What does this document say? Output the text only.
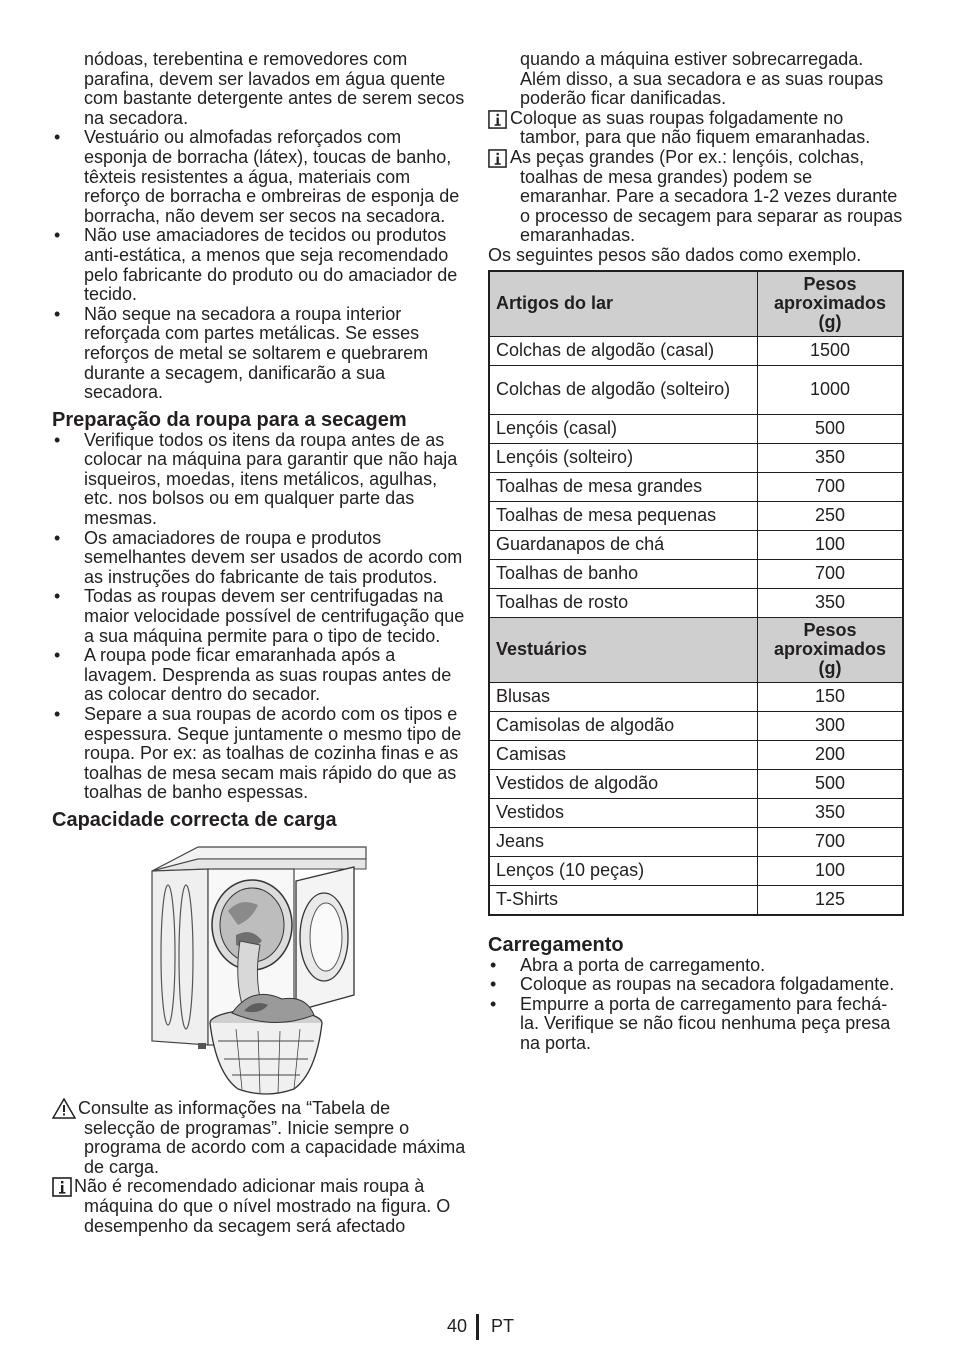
nódoas, terebentina e removedores com parafina, devem ser lavados em água quente com bastante detergente antes de serem secos na secadora.
• Vestuário ou almofadas reforçados com esponja de borracha (látex), toucas de banho, têxteis resistentes a água, materiais com reforço de borracha e ombreiras de esponja de borracha, não devem ser secos na secadora.
• Não use amaciadores de tecidos ou produtos anti-estática, a menos que seja recomendado pelo fabricante do produto ou do amaciador de tecido.
• Não seque na secadora a roupa interior reforçada com partes metálicas. Se esses reforços de metal se soltarem e quebrarem durante a secagem, danificarão a sua secadora.
Preparação da roupa para a secagem
• Verifique todos os itens da roupa antes de as colocar na máquina para garantir que não haja isqueiros, moedas, itens metálicos, agulhas, etc. nos bolsos ou em qualquer parte das mesmas.
• Os amaciadores de roupa e produtos semelhantes devem ser usados de acordo com as instruções do fabricante de tais produtos.
• Todas as roupas devem ser centrifugadas na maior velocidade possível de centrifugação que a sua máquina permite para o tipo de tecido.
• A roupa pode ficar emaranhada após a lavagem. Desprenda as suas roupas antes de as colocar dentro do secador.
• Separe a sua roupas de acordo com os tipos e espessura. Seque juntamente o mesmo tipo de roupa. Por ex: as toalhas de cozinha finas e as toalhas de mesa secam mais rápido do que as toalhas de banho espessas.
Capacidade correcta de carga
Consulte as informações na “Tabela de selecção de programas”. Inicie sempre o programa de acordo com a capacidade máxima de carga.
Não é recomendado adicionar mais roupa à máquina do que o nível mostrado na figura. O desempenho da secagem será afectado
quando a máquina estiver sobrecarregada. Além disso, a sua secadora e as suas roupas poderão ficar danificadas.
Coloque as suas roupas folgadamente no tambor, para que não fiquem emaranhadas.
As peças grandes (Por ex.: lençóis, colchas, toalhas de mesa grandes) podem se emaranhar. Pare a secadora 1-2 vezes durante o processo de secagem para separar as roupas emaranhadas.
Os seguintes pesos são dados como exemplo.
Artigos do lar	Pesos aproximados (g)
Colchas de algodão (casal)	1500
Colchas de algodão (solteiro)	1000
Lençóis (casal)	500
Lençóis (solteiro)	350
Toalhas de mesa grandes	700
Toalhas de mesa pequenas	250
Guardanapos de chá	100
Toalhas de banho	700
Toalhas de rosto	350
Vestuários	Pesos aproximados (g)
Blusas	150
Camisolas de algodão	300
Camisas	200
Vestidos de algodão	500
Vestidos	350
Jeans	700
Lenços (10 peças)	100
T-Shirts	125
Carregamento
• Abra a porta de carregamento.
• Coloque as roupas na secadora folgadamente.
• Empurre a porta de carregamento para fechá-la. Verifique se não ficou nenhuma peça presa na porta.
40 PT
